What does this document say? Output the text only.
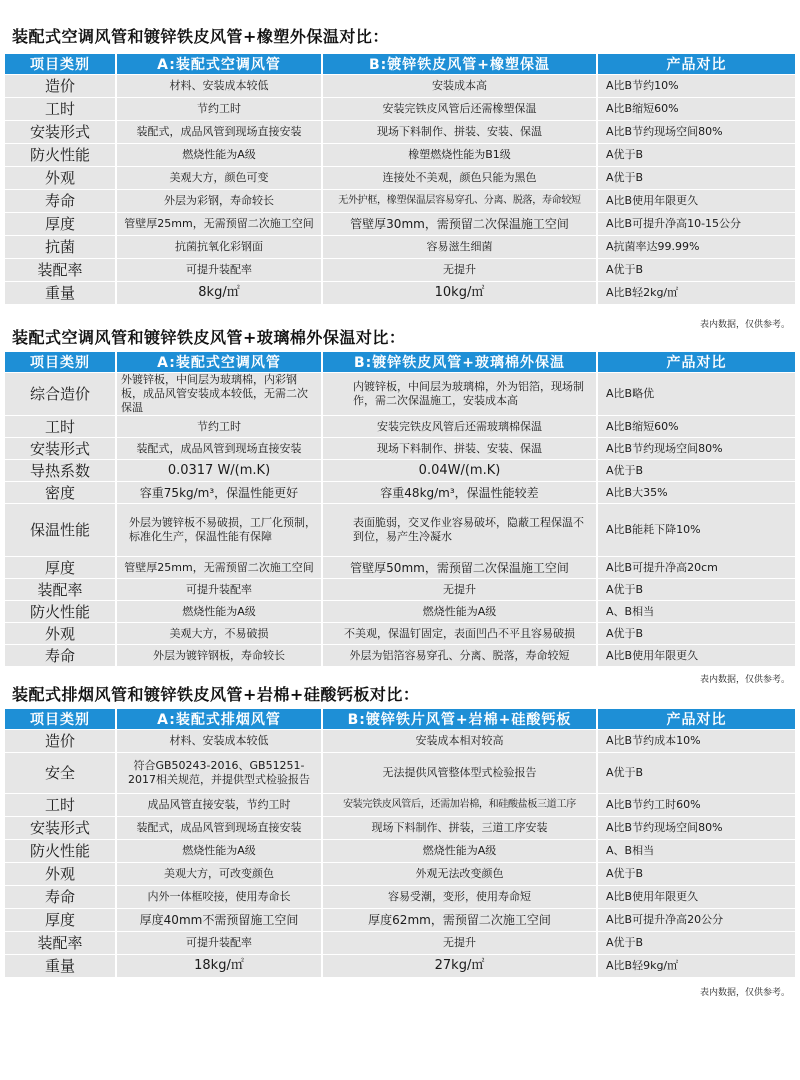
装配式空调风管和镀锌铁皮风管+橡塑外保温对比：
项目类别	A:装配式空调风管	B:镀锌铁皮风管+橡塑保温	产品对比
造价	材料、安装成本较低	安装成本高	A比B节约10%
工时	节约工时	安装完铁皮风管后还需橡塑保温	A比B缩短60%
安装形式	装配式，成品风管到现场直接安装	现场下料制作、拼装、安装、保温	A比B节约现场空间80%
防火性能	燃烧性能为A级	橡塑燃烧性能为B1级	A优于B
外观	美观大方，颜色可变	连接处不美观，颜色只能为黑色	A优于B
寿命	外层为彩钢，寿命较长	无外护框，橡塑保温层容易穿孔、分离、脱落，寿命较短	A比B使用年限更久
厚度	管壁厚25mm，无需预留二次施工空间	管壁厚30mm，需预留二次保温施工空间	A比B可提升净高10-15公分
抗菌	抗菌抗氧化彩钢面	容易滋生细菌	A抗菌率达99.99%
装配率	可提升装配率	无提升	A优于B
重量	8kg/㎡	10kg/㎡	A比B轻2kg/㎡
表内数据，仅供参考。
装配式空调风管和镀锌铁皮风管+玻璃棉外保温对比：
项目类别	A:装配式空调风管	B:镀锌铁皮风管+玻璃棉外保温	产品对比
综合造价	外镀锌板，中间层为玻璃棉，内彩钢板，成品风管安装成本较低，无需二次保温	内镀锌板，中间层为玻璃棉，外为铝箔，现场制作，需二次保温施工，安装成本高	A比B略优
工时	节约工时	安装完铁皮风管后还需玻璃棉保温	A比B缩短60%
安装形式	装配式，成品风管到现场直接安装	现场下料制作、拼装、安装、保温	A比B节约现场空间80%
导热系数	0.0317 W/(m.K)	0.04W/(m.K)	A优于B
密度	容重75kg/m³，保温性能更好	容重48kg/m³，保温性能较差	A比B大35%
保温性能	外层为镀锌板不易破损，工厂化预制，标准化生产，保温性能有保障	表面脆弱，交叉作业容易破坏，隐蔽工程保温不到位，易产生冷凝水	A比B能耗下降10%
厚度	管壁厚25mm，无需预留二次施工空间	管壁厚50mm，需预留二次保温施工空间	A比B可提升净高20cm
装配率	可提升装配率	无提升	A优于B
防火性能	燃烧性能为A级	燃烧性能为A级	A、B相当
外观	美观大方，不易破损	不美观，保温钉固定，表面凹凸不平且容易破损	A优于B
寿命	外层为镀锌钢板，寿命较长	外层为铝箔容易穿孔、分离、脱落，寿命较短	A比B使用年限更久
表内数据，仅供参考。
装配式排烟风管和镀锌铁皮风管+岩棉+硅酸钙板对比：
项目类别	A:装配式排烟风管	B:镀锌铁片风管+岩棉+硅酸钙板	产品对比
造价	材料、安装成本较低	安装成本相对较高	A比B节约成本10%
安全	符合GB50243-2016、GB51251-2017相关规范，并提供型式检验报告	无法提供风管整体型式检验报告	A优于B
工时	成品风管直接安装，节约工时	安装完铁皮风管后，还需加岩棉，和硅酸盐板三道工序	A比B节约工时60%
安装形式	装配式，成品风管到现场直接安装	现场下料制作、拼装，三道工序安装	A比B节约现场空间80%
防火性能	燃烧性能为A级	燃烧性能为A级	A、B相当
外观	美观大方，可改变颜色	外观无法改变颜色	A优于B
寿命	内外一体框咬接，使用寿命长	容易受潮，变形，使用寿命短	A比B使用年限更久
厚度	厚度40mm不需预留施工空间	厚度62mm，需预留二次施工空间	A比B可提升净高20公分
装配率	可提升装配率	无提升	A优于B
重量	18kg/㎡	27kg/㎡	A比B轻9kg/㎡
表内数据，仅供参考。
